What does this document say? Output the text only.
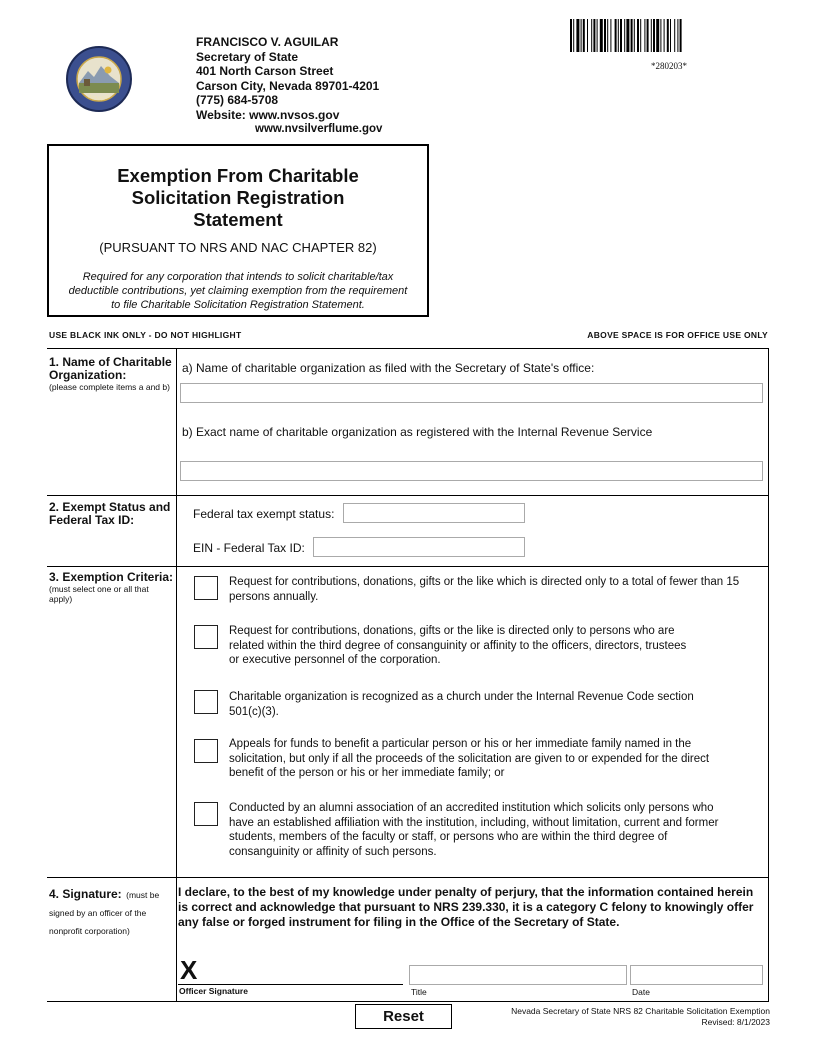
NEVADA
FRANCISCO V. AGUILAR
Secretary of State
401 North Carson Street
Carson City, Nevada 89701-4201
(775) 684-5708
Website: www.nvsos.gov
www.nvsilverflume.gov
*280203*
Exemption From Charitable Solicitation Registration Statement
(PURSUANT TO NRS AND NAC CHAPTER 82)
Required for any corporation that intends to solicit charitable/tax deductible contributions, yet claiming exemption from the requirement to file Charitable Solicitation Registration Statement.
USE BLACK INK ONLY - DO NOT HIGHLIGHT	ABOVE SPACE IS FOR OFFICE USE ONLY
1. Name of Charitable Organization:
(please complete items a and b)
a) Name of charitable organization as filed with the Secretary of State's office:
b) Exact name of charitable organization as registered with the Internal Revenue Service
2. Exempt Status and Federal Tax ID:	Federal tax exempt status:
EIN - Federal Tax ID:
3. Exemption Criteria:
(must select one or all that apply)
Request for contributions, donations, gifts or the like which is directed only to a total of fewer than 15 persons annually.
Request for contributions, donations, gifts or the like is directed only to persons who are related within the third degree of consanguinity or affinity to the officers, directors, trustees or executive personnel of the corporation.
Charitable organization is recognized as a church under the Internal Revenue Code section 501(c)(3).
Appeals for funds to benefit a particular person or his or her immediate family named in the solicitation, but only if all the proceeds of the solicitation are given to or expended for the direct benefit of the person or his or her immediate family; or
Conducted by an alumni association of an accredited institution which solicits only persons who have an established affiliation with the institution, including, without limitation, current and former students, members of the faculty or staff, or persons who are within the third degree of consanguinity or affinity of such persons.
4. Signature: (must be signed by an officer of the nonprofit corporation)
I declare, to the best of my knowledge under penalty of perjury, that the information contained herein is correct and acknowledge that pursuant to NRS 239.330, it is a category C felony to knowingly offer any false or forged instrument for filing in the Office of the Secretary of State.
X
Officer Signature	Title	Date
Reset	Nevada Secretary of State NRS 82 Charitable Solicitation Exemption
Revised: 8/1/2023
